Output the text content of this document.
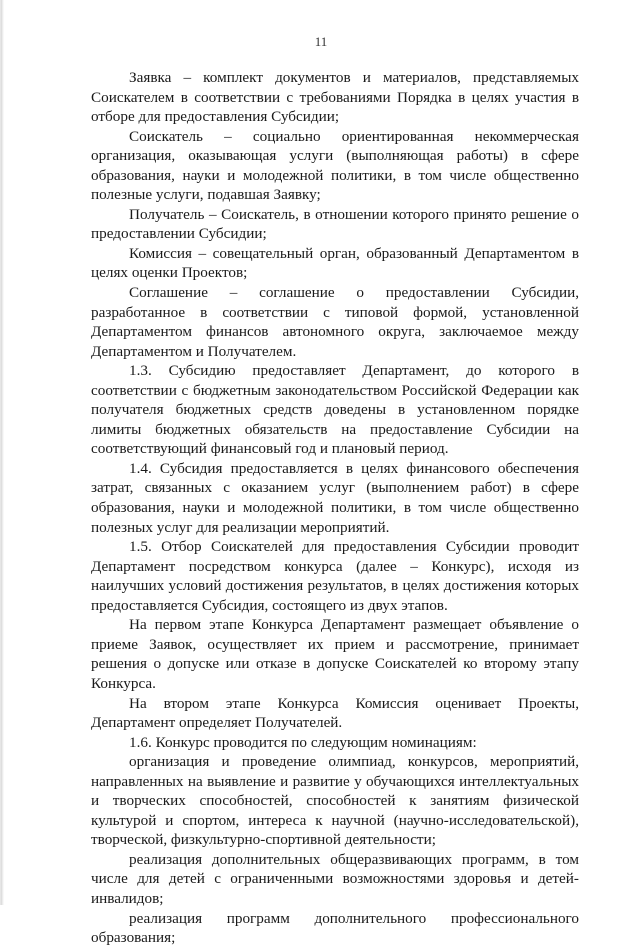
11

Заявка – комплект документов и материалов, представляемых Соискателем в соответствии с требованиями Порядка в целях участия в отборе для предоставления Субсидии;

Соискатель – социально ориентированная некоммерческая организация, оказывающая услуги (выполняющая работы) в сфере образования, науки и молодежной политики, в том числе общественно полезные услуги, подавшая Заявку;

Получатель – Соискатель, в отношении которого принято решение о предоставлении Субсидии;

Комиссия – совещательный орган, образованный Департаментом в целях оценки Проектов;

Соглашение – соглашение о предоставлении Субсидии, разработанное в соответствии с типовой формой, установленной Департаментом финансов автономного округа, заключаемое между Департаментом и Получателем.

1.3. Субсидию предоставляет Департамент, до которого в соответствии с бюджетным законодательством Российской Федерации как получателя бюджетных средств доведены в установленном порядке лимиты бюджетных обязательств на предоставление Субсидии на соответствующий финансовый год и плановый период.

1.4. Субсидия предоставляется в целях финансового обеспечения затрат, связанных с оказанием услуг (выполнением работ) в сфере образования, науки и молодежной политики, в том числе общественно полезных услуг для реализации мероприятий.

1.5. Отбор Соискателей для предоставления Субсидии проводит Департамент посредством конкурса (далее – Конкурс), исходя из наилучших условий достижения результатов, в целях достижения которых предоставляется Субсидия, состоящего из двух этапов.

На первом этапе Конкурса Департамент размещает объявление о приеме Заявок, осуществляет их прием и рассмотрение, принимает решения о допуске или отказе в допуске Соискателей ко второму этапу Конкурса.

На втором этапе Конкурса Комиссия оценивает Проекты, Департамент определяет Получателей.

1.6. Конкурс проводится по следующим номинациям:

организация и проведение олимпиад, конкурсов, мероприятий, направленных на выявление и развитие у обучающихся интеллектуальных и творческих способностей, способностей к занятиям физической культурой и спортом, интереса к научной (научно-исследовательской), творческой, физкультурно-спортивной деятельности;

реализация дополнительных общеразвивающих программ, в том числе для детей с ограниченными возможностями здоровья и детей-инвалидов;

реализация программ дополнительного профессионального образования;
